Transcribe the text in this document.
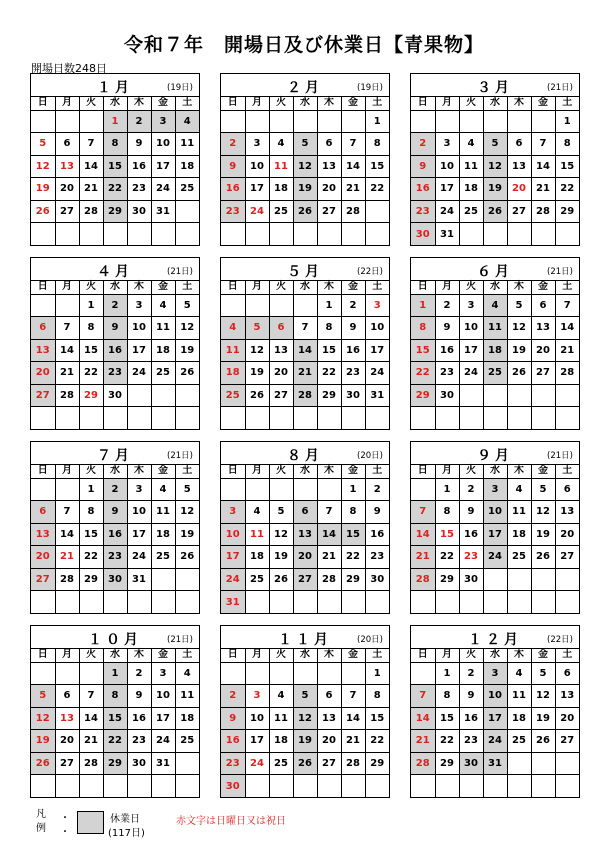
令和７年　開場日及び休業日【青果物】
開場日数248日
１月	(19日)
日	月	火	水	木	金	土
			1	2	3	4
5	6	7	8	9	10	11
12	13	14	15	16	17	18
19	20	21	22	23	24	25
26	27	28	29	30	31	

２月	(19日)
日	月	火	水	木	金	土
						1
2	3	4	5	6	7	8
9	10	11	12	13	14	15
16	17	18	19	20	21	22
23	24	25	26	27	28	

３月	(21日)
日	月	火	水	木	金	土
						1
2	3	4	5	6	7	8
9	10	11	12	13	14	15
16	17	18	19	20	21	22
23	24	25	26	27	28	29
30	31					
４月	(21日)
日	月	火	水	木	金	土
		1	2	3	4	5
6	7	8	9	10	11	12
13	14	15	16	17	18	19
20	21	22	23	24	25	26
27	28	29	30			

５月	(22日)
日	月	火	水	木	金	土
				1	2	3
4	5	6	7	8	9	10
11	12	13	14	15	16	17
18	19	20	21	22	23	24
25	26	27	28	29	30	31

６月	(21日)
日	月	火	水	木	金	土
1	2	3	4	5	6	7
8	9	10	11	12	13	14
15	16	17	18	19	20	21
22	23	24	25	26	27	28
29	30					

７月	(21日)
日	月	火	水	木	金	土
		1	2	3	4	5
6	7	8	9	10	11	12
13	14	15	16	17	18	19
20	21	22	23	24	25	26
27	28	29	30	31		

８月	(20日)
日	月	火	水	木	金	土
					1	2
3	4	5	6	7	8	9
10	11	12	13	14	15	16
17	18	19	20	21	22	23
24	25	26	27	28	29	30
31						
９月	(21日)
日	月	火	水	木	金	土
	1	2	3	4	5	6
7	8	9	10	11	12	13
14	15	16	17	18	19	20
21	22	23	24	25	26	27
28	29	30				

１０月	(21日)
日	月	火	水	木	金	土
			1	2	3	4
5	6	7	8	9	10	11
12	13	14	15	16	17	18
19	20	21	22	23	24	25
26	27	28	29	30	31	

１１月	(20日)
日	月	火	水	木	金	土
						1
2	3	4	5	6	7	8
9	10	11	12	13	14	15
16	17	18	19	20	21	22
23	24	25	26	27	28	29
30						
１２月	(22日)
日	月	火	水	木	金	土
	1	2	3	4	5	6
7	8	9	10	11	12	13
14	15	16	17	18	19	20
21	22	23	24	25	26	27
28	29	30	31			

凡例
・
・
休業日
(117日)
赤文字は日曜日又は祝日
